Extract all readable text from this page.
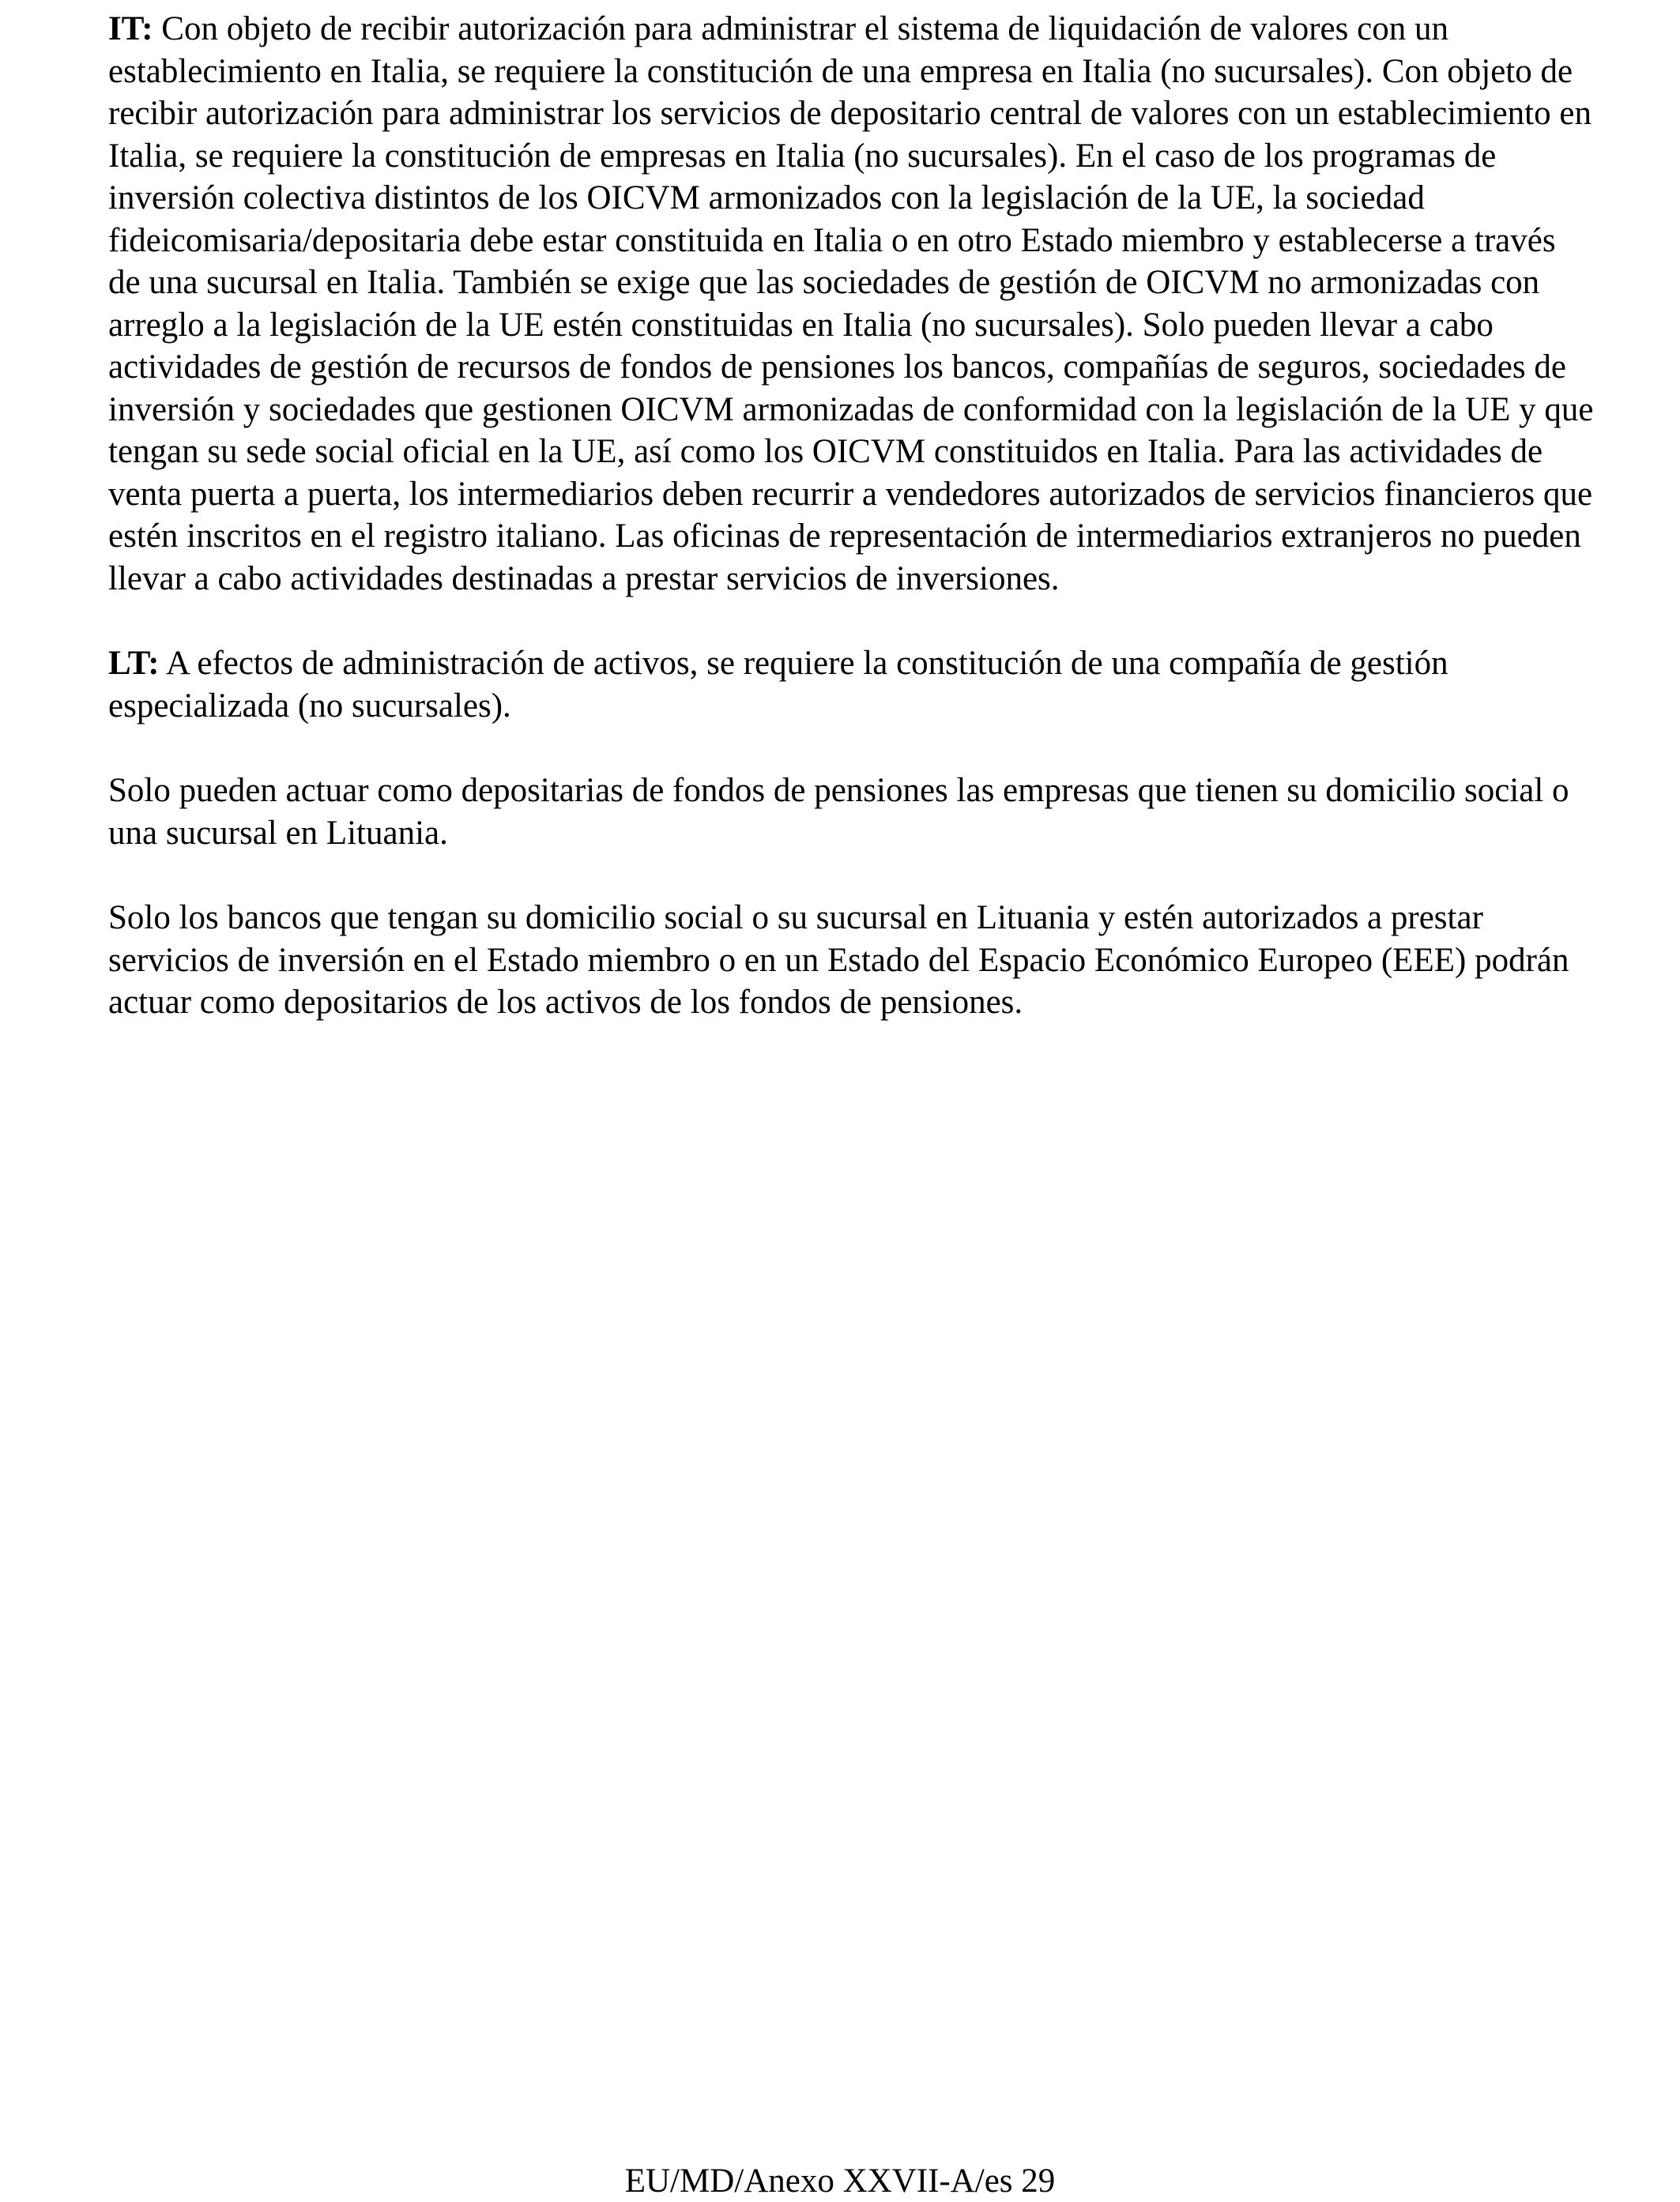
IT: Con objeto de recibir autorización para administrar el sistema de liquidación de valores con un establecimiento en Italia, se requiere la constitución de una empresa en Italia (no sucursales). Con objeto de recibir autorización para administrar los servicios de depositario central de valores con un establecimiento en Italia, se requiere la constitución de empresas en Italia (no sucursales). En el caso de los programas de inversión colectiva distintos de los OICVM armonizados con la legislación de la UE, la sociedad fideicomisaria/depositaria debe estar constituida en Italia o en otro Estado miembro y establecerse a través de una sucursal en Italia. También se exige que las sociedades de gestión de OICVM no armonizadas con arreglo a la legislación de la UE estén constituidas en Italia (no sucursales). Solo pueden llevar a cabo actividades de gestión de recursos de fondos de pensiones los bancos, compañías de seguros, sociedades de inversión y sociedades que gestionen OICVM armonizadas de conformidad con la legislación de la UE y que tengan su sede social oficial en la UE, así como los OICVM constituidos en Italia. Para las actividades de venta puerta a puerta, los intermediarios deben recurrir a vendedores autorizados de servicios financieros que estén inscritos en el registro italiano. Las oficinas de representación de intermediarios extranjeros no pueden llevar a cabo actividades destinadas a prestar servicios de inversiones.

LT: A efectos de administración de activos, se requiere la constitución de una compañía de gestión especializada (no sucursales).

Solo pueden actuar como depositarias de fondos de pensiones las empresas que tienen su domicilio social o una sucursal en Lituania.

Solo los bancos que tengan su domicilio social o su sucursal en Lituania y estén autorizados a prestar servicios de inversión en el Estado miembro o en un Estado del Espacio Económico Europeo (EEE) podrán actuar como depositarios de los activos de los fondos de pensiones.

EU/MD/Anexo XXVII-A/es 29
